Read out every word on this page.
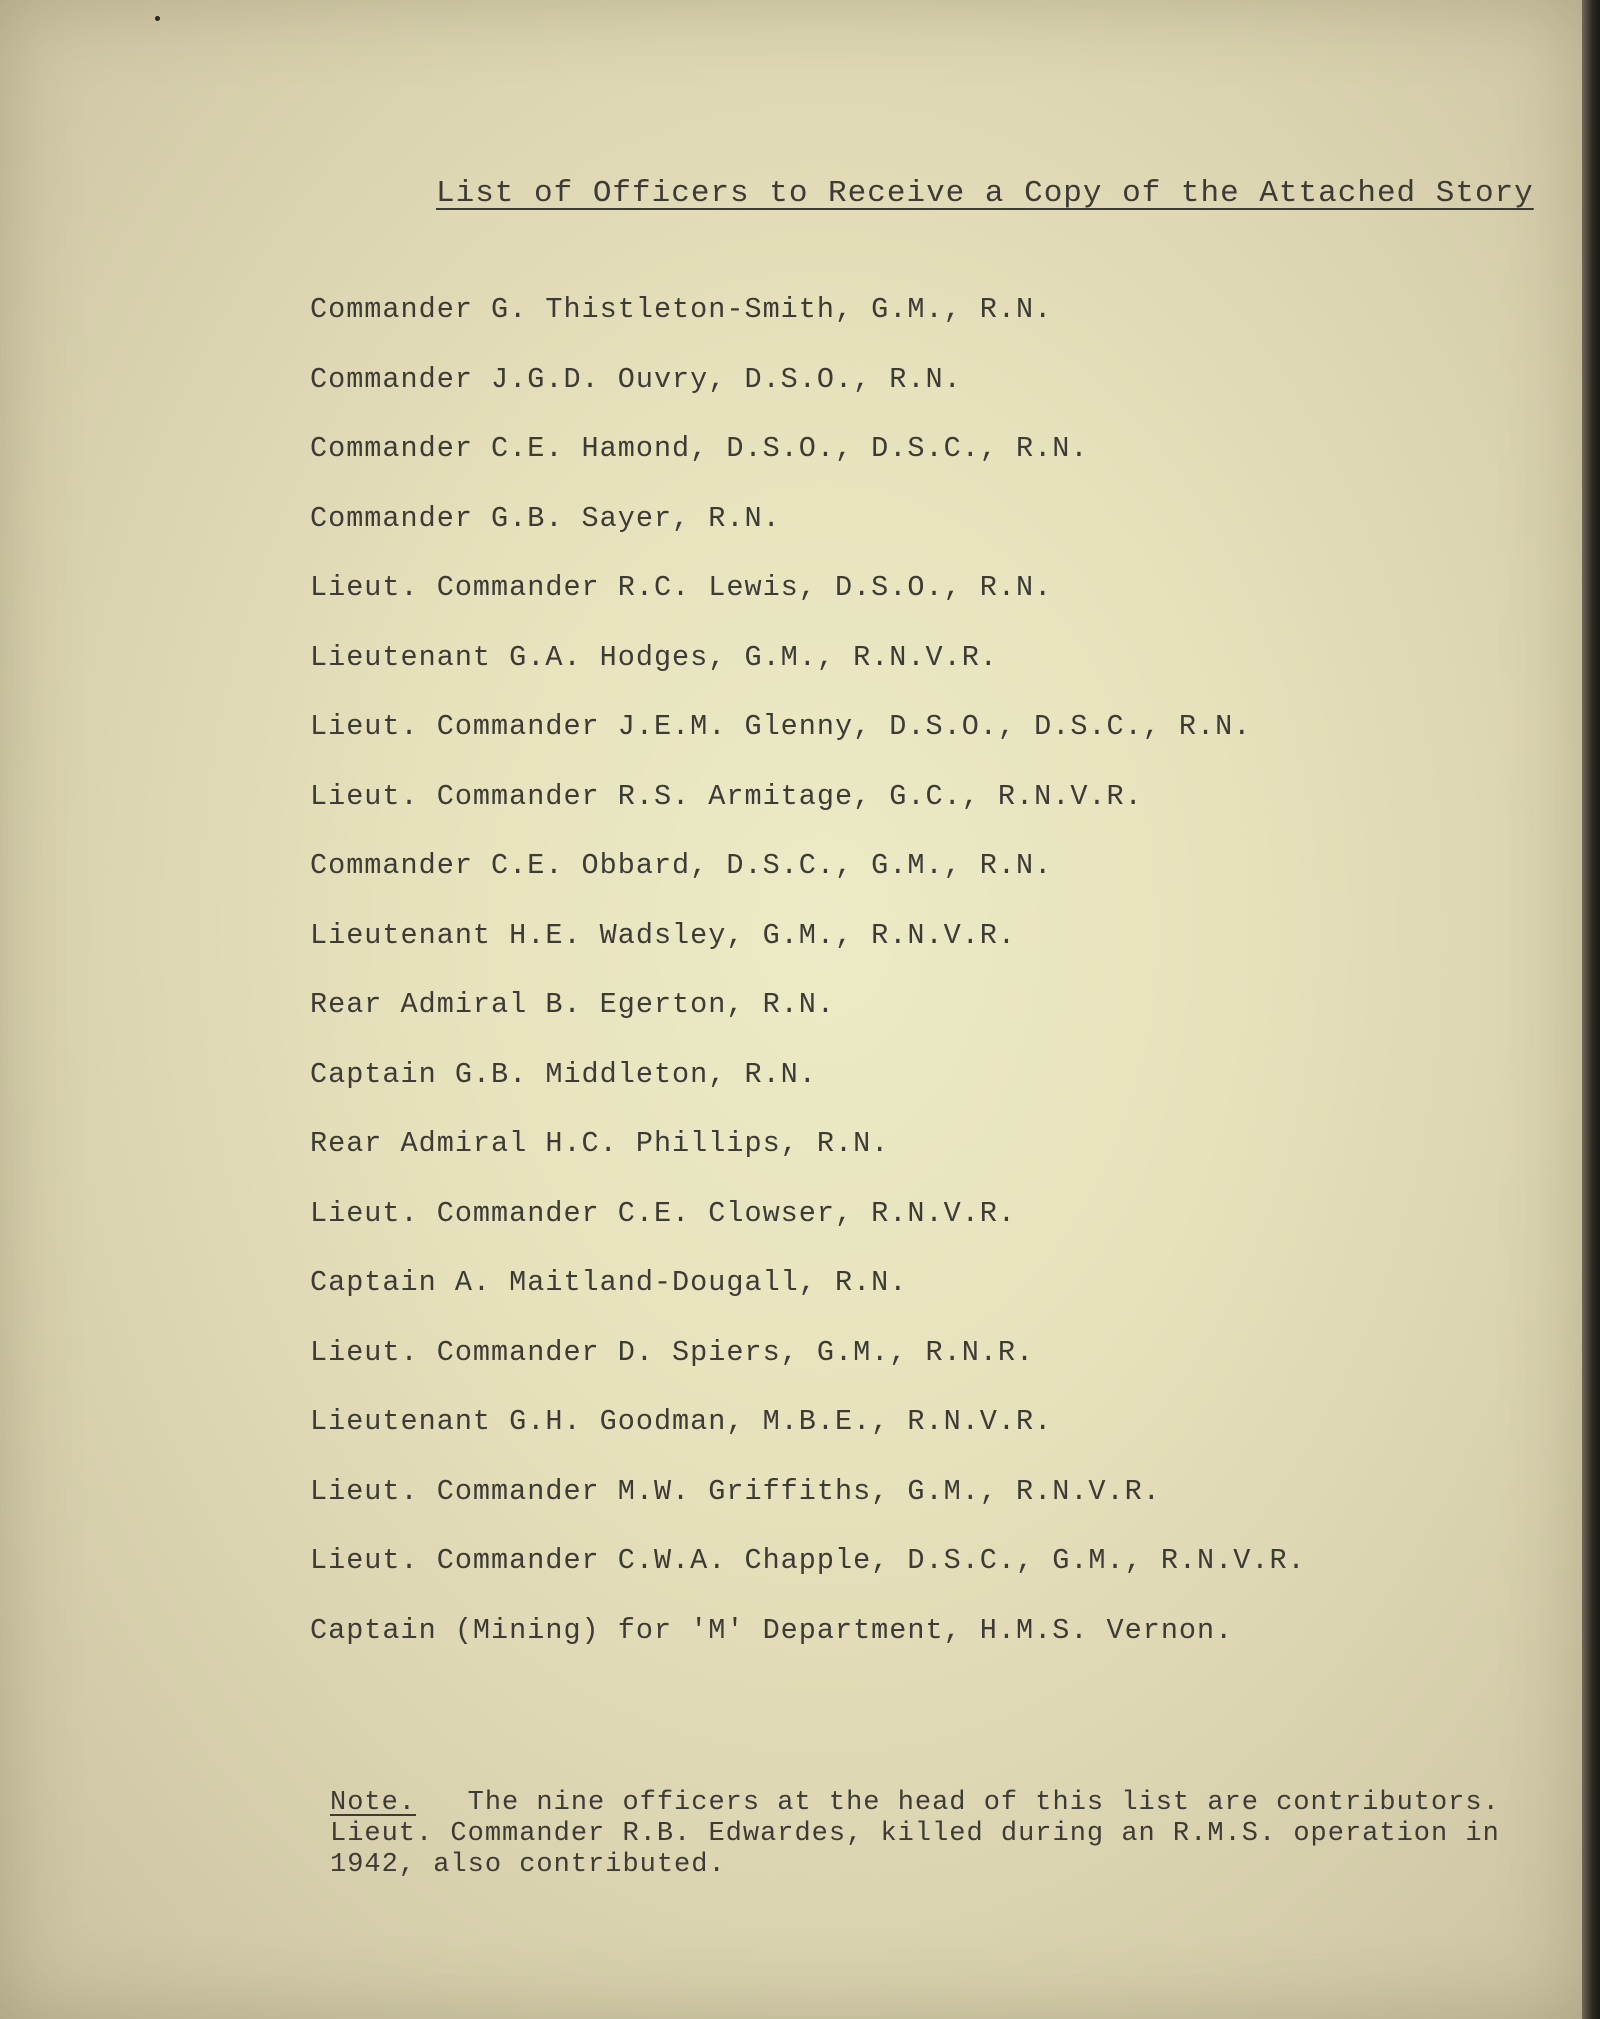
List of Officers to Receive a Copy of the Attached Story
Commander G. Thistleton-Smith, G.M., R.N.
Commander J.G.D. Ouvry, D.S.O., R.N.
Commander C.E. Hamond, D.S.O., D.S.C., R.N.
Commander G.B. Sayer, R.N.
Lieut. Commander R.C. Lewis, D.S.O., R.N.
Lieutenant G.A. Hodges, G.M., R.N.V.R.
Lieut. Commander J.E.M. Glenny, D.S.O., D.S.C., R.N.
Lieut. Commander R.S. Armitage, G.C., R.N.V.R.
Commander C.E. Obbard, D.S.C., G.M., R.N.
Lieutenant H.E. Wadsley, G.M., R.N.V.R.
Rear Admiral B. Egerton, R.N.
Captain G.B. Middleton, R.N.
Rear Admiral H.C. Phillips, R.N.
Lieut. Commander C.E. Clowser, R.N.V.R.
Captain A. Maitland-Dougall, R.N.
Lieut. Commander D. Spiers, G.M., R.N.R.
Lieutenant G.H. Goodman, M.B.E., R.N.V.R.
Lieut. Commander M.W. Griffiths, G.M., R.N.V.R.
Lieut. Commander C.W.A. Chapple, D.S.C., G.M., R.N.V.R.
Captain (Mining) for 'M' Department, H.M.S. Vernon.
Note. The nine officers at the head of this list are contributors.
Lieut. Commander R.B. Edwardes, killed during an R.M.S. operation in
1942, also contributed.
